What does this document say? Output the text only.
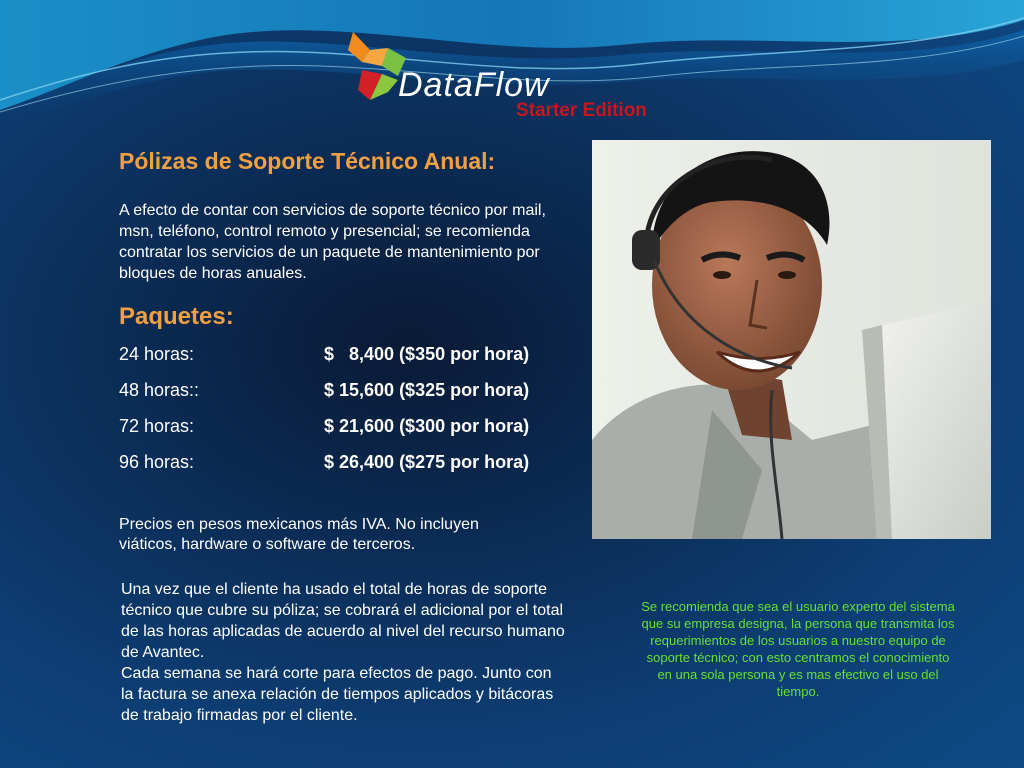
DataFlow
Starter Edition
Pólizas de Soporte Técnico Anual:

A efecto de contar con servicios de soporte técnico por mail, msn, teléfono, control remoto y presencial; se recomienda contratar los servicios de un paquete de mantenimiento por bloques de horas anuales.

Paquetes:
24 horas:	$   8,400 ($350 por hora)
48 horas::	$ 15,600 ($325 por hora)
72 horas:	$ 21,600 ($300 por hora)
96 horas:	$ 26,400 ($275 por hora)

Precios en pesos mexicanos más IVA. No incluyen viáticos, hardware o software de terceros.

Una vez que el cliente ha usado el total de horas de soporte técnico que cubre su póliza; se cobrará el adicional por el total de las horas aplicadas de acuerdo al nivel del recurso humano de Avantec.
Cada semana se hará corte para efectos de pago. Junto con la factura se anexa relación de tiempos aplicados y bitácoras de trabajo firmadas por el cliente.

Se recomienda que sea el usuario experto del sistema que su empresa designa, la persona que transmita los requerimientos de los usuarios a nuestro equipo de soporte técnico; con esto centramos el conocimiento en una sola persona y es mas efectivo el uso del tiempo.
